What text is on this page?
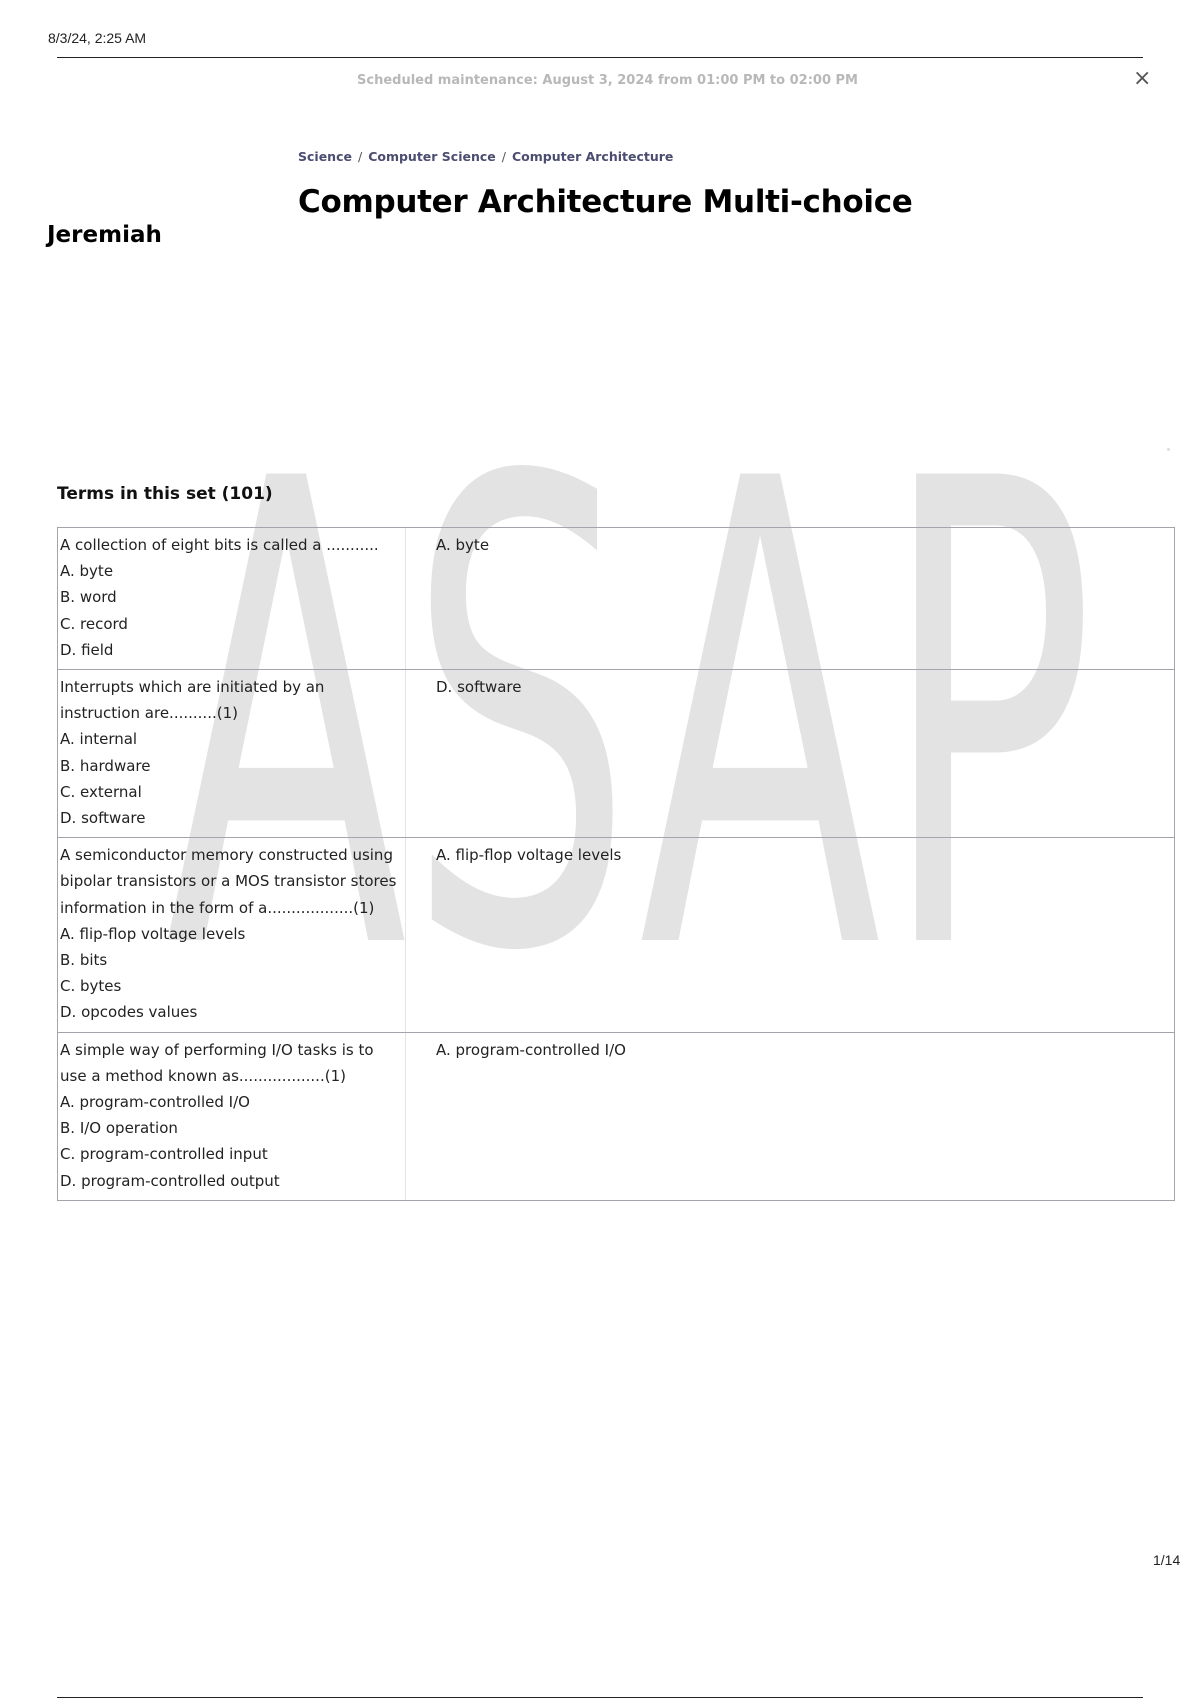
8/3/24, 2:25 AM
Scheduled maintenance: August 3, 2024 from 01:00 PM to 02:00 PM	×
Science / Computer Science / Computer Architecture
Computer Architecture Multi-choice
Jeremiah
ASAP
Terms in this set (101)
A collection of eight bits is called a ...........
A. byte
B. word
C. record
D. field
A. byte
Interrupts which are initiated by an
instruction are..........(1)
A. internal
B. hardware
C. external
D. software
D. software
A semiconductor memory constructed using
bipolar transistors or a MOS transistor stores
information in the form of a..................(1)
A. flip-flop voltage levels
B. bits
C. bytes
D. opcodes values
A. flip-flop voltage levels
A simple way of performing I/O tasks is to
use a method known as..................(1)
A. program-controlled I/O
B. I/O operation
C. program-controlled input
D. program-controlled output
A. program-controlled I/O
1/14
